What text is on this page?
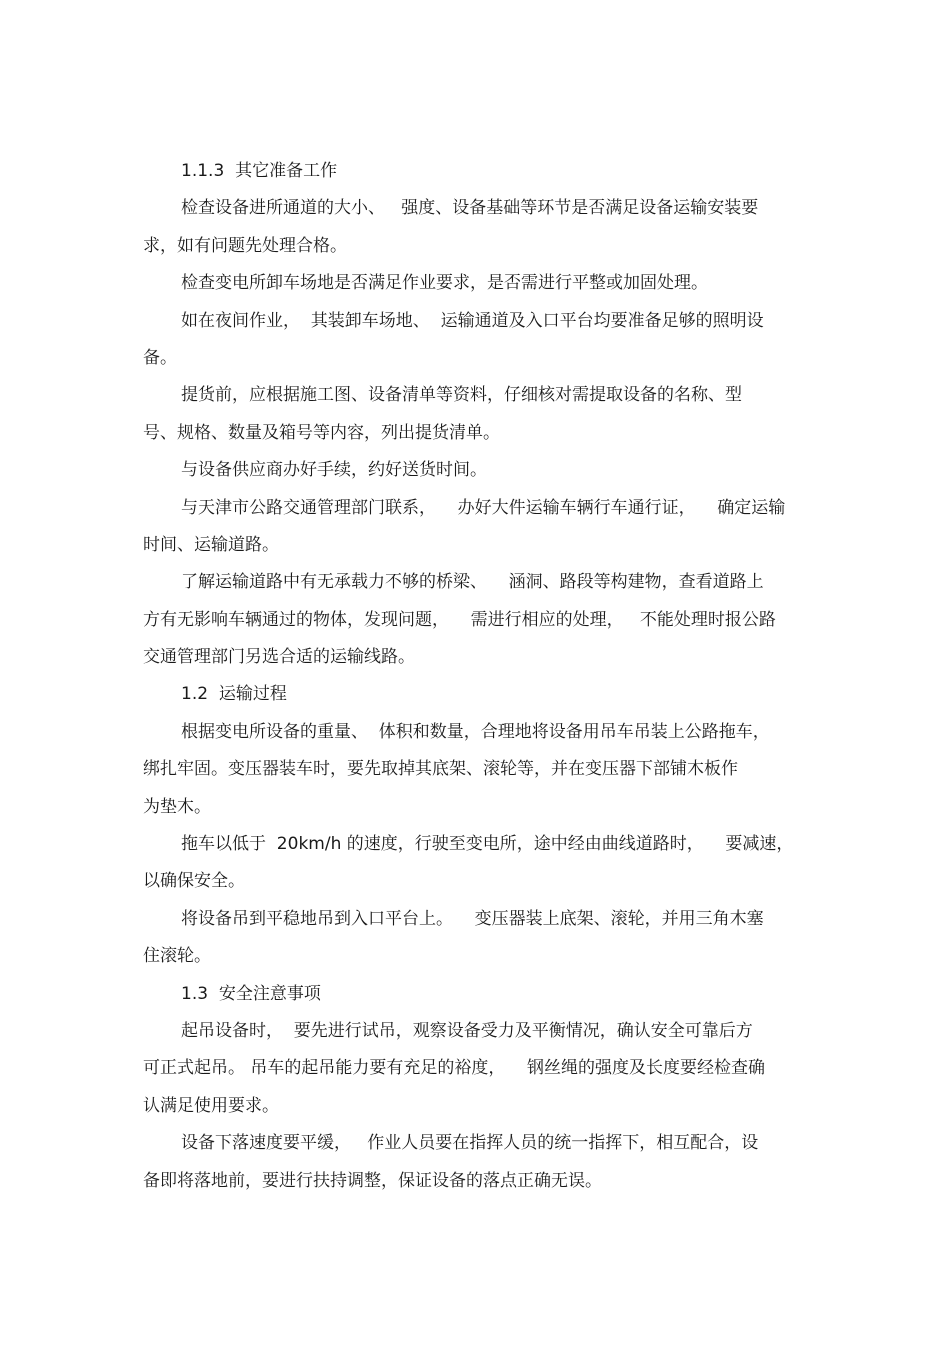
1.1.3  其它准备工作
检查设备进所通道的大小、   强度、设备基础等环节是否满足设备运输安装要
求，如有问题先处理合格。
检查变电所卸车场地是否满足作业要求，是否需进行平整或加固处理。
如在夜间作业，  其装卸车场地、  运输通道及入口平台均要准备足够的照明设
备。
提货前，应根据施工图、设备清单等资料，仔细核对需提取设备的名称、型
号、规格、数量及箱号等内容，列出提货清单。
与设备供应商办好手续，约好送货时间。
与天津市公路交通管理部门联系，    办好大件运输车辆行车通行证，    确定运输
时间、运输道路。
了解运输道路中有无承载力不够的桥梁、    涵洞、路段等构建物，查看道路上
方有无影响车辆通过的物体，发现问题，    需进行相应的处理，   不能处理时报公路
交通管理部门另选合适的运输线路。
1.2  运输过程
根据变电所设备的重量、  体积和数量，合理地将设备用吊车吊装上公路拖车，
绑扎牢固。变压器装车时，要先取掉其底架、滚轮等，并在变压器下部铺木板作
为垫木。
拖车以低于  20km/h 的速度，行驶至变电所，途中经由曲线道路时，    要减速，
以确保安全。
将设备吊到平稳地吊到入口平台上。    变压器装上底架、滚轮，并用三角木塞
住滚轮。
1.3  安全注意事项
起吊设备时，  要先进行试吊，观察设备受力及平衡情况，确认安全可靠后方
可正式起吊。 吊车的起吊能力要有充足的裕度，    钢丝绳的强度及长度要经检查确
认满足使用要求。
设备下落速度要平缓，   作业人员要在指挥人员的统一指挥下，相互配合，设
备即将落地前，要进行扶持调整，保证设备的落点正确无误。
